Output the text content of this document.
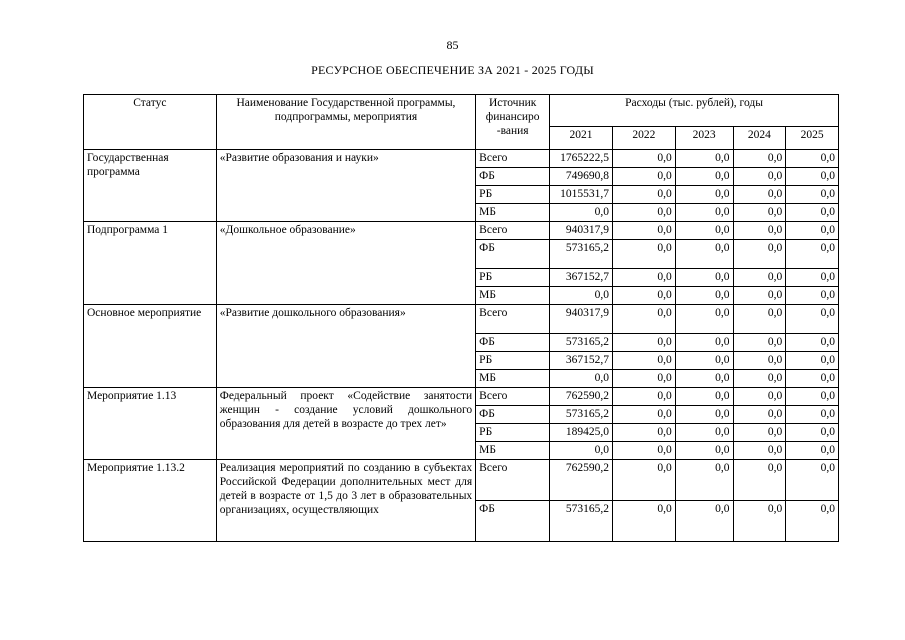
85
РЕСУРСНОЕ ОБЕСПЕЧЕНИЕ ЗА 2021 - 2025 ГОДЫ
Статус	Наименование Государственной программы, подпрограммы, мероприятия	Источник финансиро -вания	Расходы (тыс. рублей), годы				
			2021	2022	2023	2024	2025
Государственная программа	«Развитие образования и науки»	Всего	1765222,5	0,0	0,0	0,0	0,0
		ФБ	749690,8	0,0	0,0	0,0	0,0
		РБ	1015531,7	0,0	0,0	0,0	0,0
		МБ	0,0	0,0	0,0	0,0	0,0
Подпрограмма 1	«Дошкольное образование»	Всего	940317,9	0,0	0,0	0,0	0,0
		ФБ	573165,2	0,0	0,0	0,0	0,0
		РБ	367152,7	0,0	0,0	0,0	0,0
		МБ	0,0	0,0	0,0	0,0	0,0
Основное мероприятие	«Развитие дошкольного образования»	Всего	940317,9	0,0	0,0	0,0	0,0
		ФБ	573165,2	0,0	0,0	0,0	0,0
		РБ	367152,7	0,0	0,0	0,0	0,0
		МБ	0,0	0,0	0,0	0,0	0,0
Мероприятие 1.13	Федеральный проект «Содействие занятости женщин - создание условий дошкольного образования для детей в возрасте до трех лет»	Всего	762590,2	0,0	0,0	0,0	0,0
		ФБ	573165,2	0,0	0,0	0,0	0,0
		РБ	189425,0	0,0	0,0	0,0	0,0
		МБ	0,0	0,0	0,0	0,0	0,0
Мероприятие 1.13.2	Реализация мероприятий по созданию в субъектах Российской Федерации дополнительных мест для детей в возрасте от 1,5 до 3 лет в образовательных организациях, осуществляющих	Всего	762590,2	0,0	0,0	0,0	0,0
		ФБ	573165,2	0,0	0,0	0,0	0,0
